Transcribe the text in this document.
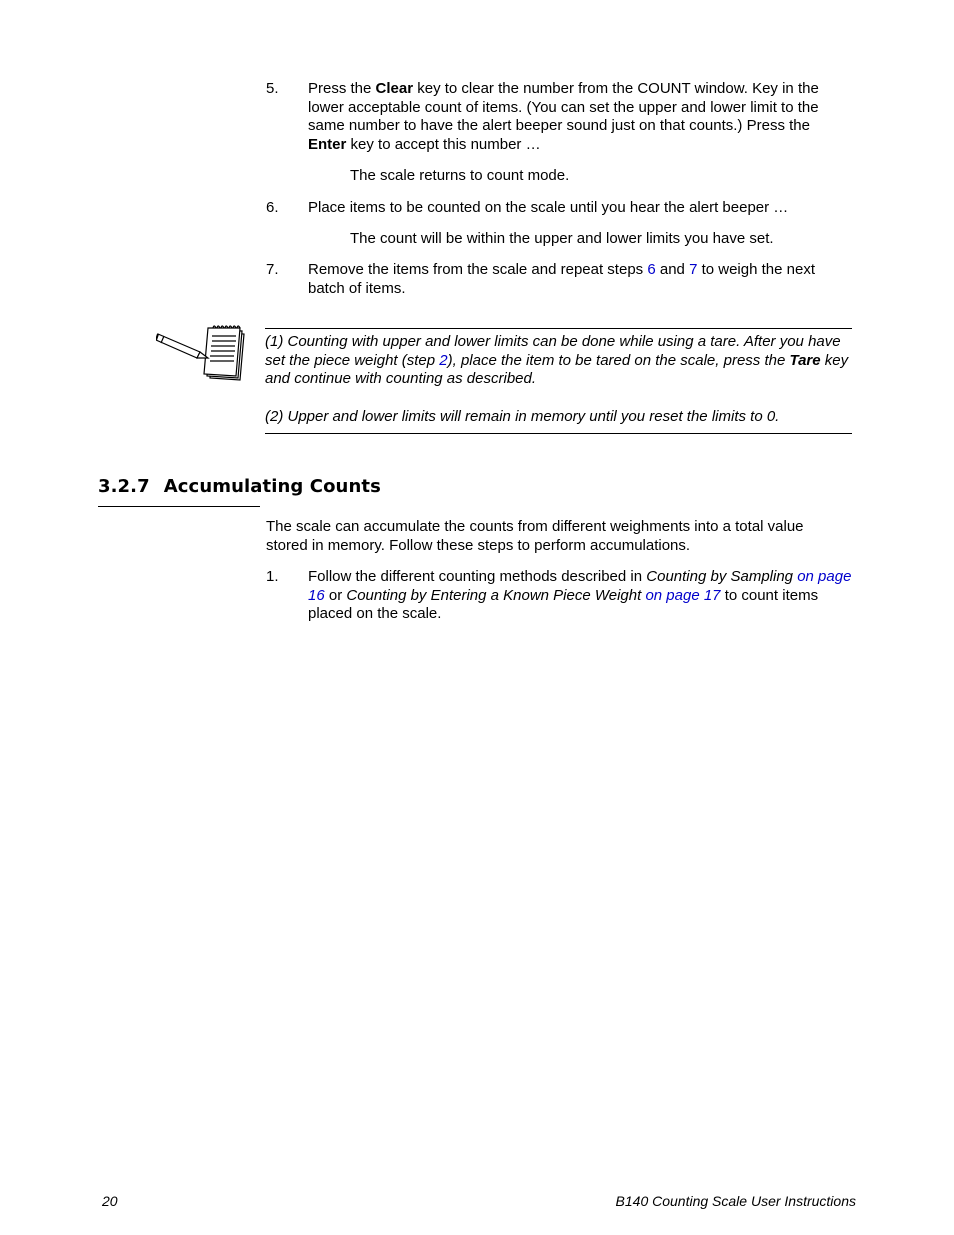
5. Press the Clear key to clear the number from the COUNT window. Key in the lower acceptable count of items. (You can set the upper and lower limit to the same number to have the alert beeper sound just on that counts.) Press the Enter key to accept this number …
The scale returns to count mode.
6. Place items to be counted on the scale until you hear the alert beeper …
The count will be within the upper and lower limits you have set.
7. Remove the items from the scale and repeat steps 6 and 7 to weigh the next batch of items.

(1) Counting with upper and lower limits can be done while using a tare. After you have set the piece weight (step 2), place the item to be tared on the scale, press the Tare key and continue with counting as described.

(2) Upper and lower limits will remain in memory until you reset the limits to 0.

3.2.7 Accumulating Counts
The scale can accumulate the counts from different weighments into a total value stored in memory. Follow these steps to perform accumulations.
1. Follow the different counting methods described in Counting by Sampling on page 16 or Counting by Entering a Known Piece Weight on page 17 to count items placed on the scale.
20	B140 Counting Scale User Instructions
